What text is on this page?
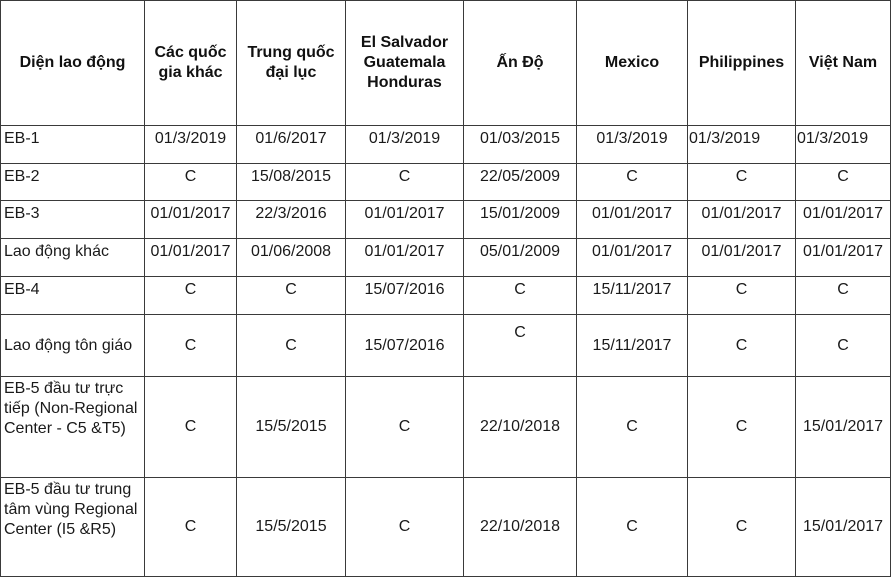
Diện lao động	Các quốc gia khác	Trung quốc đại lục	El Salvador Guatemala Honduras	Ấn Độ	Mexico	Philippines	Việt Nam
EB-1	01/3/2019	01/6/2017	01/3/2019	01/03/2015	01/3/2019	01/3/2019	01/3/2019
EB-2	C	15/08/2015	C	22/05/2009	C	C	C
EB-3	01/01/2017	22/3/2016	01/01/2017	15/01/2009	01/01/2017	01/01/2017	01/01/2017
Lao động khác	01/01/2017	01/06/2008	01/01/2017	05/01/2009	01/01/2017	01/01/2017	01/01/2017
EB-4	C	C	15/07/2016	C	15/11/2017	C	C
Lao động tôn giáo	C	C	15/07/2016	C	15/11/2017	C	C
EB-5 đầu tư trực tiếp (Non-Regional Center - C5 &T5)	C	15/5/2015	C	22/10/2018	C	C	15/01/2017
EB-5 đầu tư trung tâm vùng Regional Center (I5 &R5)	C	15/5/2015	C	22/10/2018	C	C	15/01/2017
